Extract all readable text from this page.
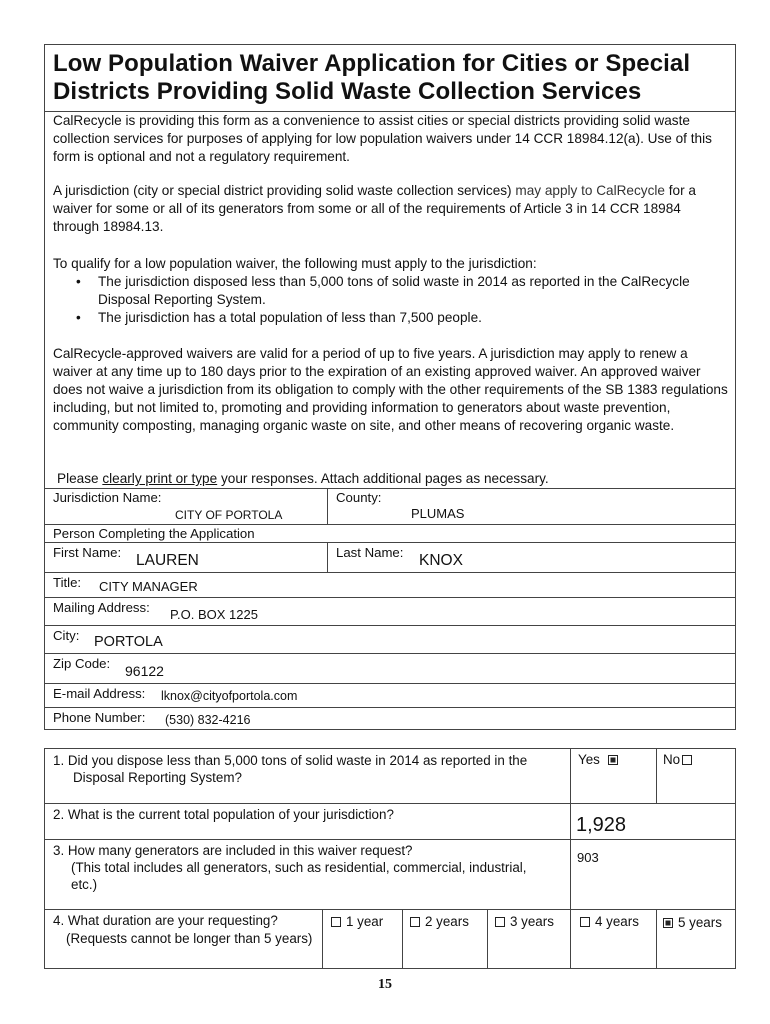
Low Population Waiver Application for Cities or Special Districts Providing Solid Waste Collection Services

CalRecycle is providing this form as a convenience to assist cities or special districts providing solid waste collection services for purposes of applying for low population waivers under 14 CCR 18984.12(a). Use of this form is optional and not a regulatory requirement.

A jurisdiction (city or special district providing solid waste collection services) may apply to CalRecycle for a waiver for some or all of its generators from some or all of the requirements of Article 3 in 14 CCR 18984 through 18984.13.

To qualify for a low population waiver, the following must apply to the jurisdiction:

• The jurisdiction disposed less than 5,000 tons of solid waste in 2014 as reported in the CalRecycle Disposal Reporting System.
• The jurisdiction has a total population of less than 7,500 people.

CalRecycle-approved waivers are valid for a period of up to five years. A jurisdiction may apply to renew a waiver at any time up to 180 days prior to the expiration of an existing approved waiver. An approved waiver does not waive a jurisdiction from its obligation to comply with the other requirements of the SB 1383 regulations including, but not limited to, promoting and providing information to generators about waste prevention, community composting, managing organic waste on site, and other means of recovering organic waste.

Please clearly print or type your responses. Attach additional pages as necessary.

Jurisdiction Name:
CITY OF PORTOLA
County:
PLUMAS
Person Completing the Application
First Name: LAUREN	Last Name: KNOX
Title: CITY MANAGER
Mailing Address: P.O. BOX 1225
City: PORTOLA
Zip Code: 96122
E-mail Address: lknox@cityofportola.com
Phone Number: (530) 832-4216
1. Did you dispose less than 5,000 tons of solid waste in 2014 as reported in the Disposal Reporting System?
Yes	No
2. What is the current total population of your jurisdiction?	1,928
3. How many generators are included in this waiver request?
(This total includes all generators, such as residential, commercial, industrial, etc.)
903
4. What duration are your requesting?
(Requests cannot be longer than 5 years)
1 year	2 years	3 years	4 years	5 years
15
